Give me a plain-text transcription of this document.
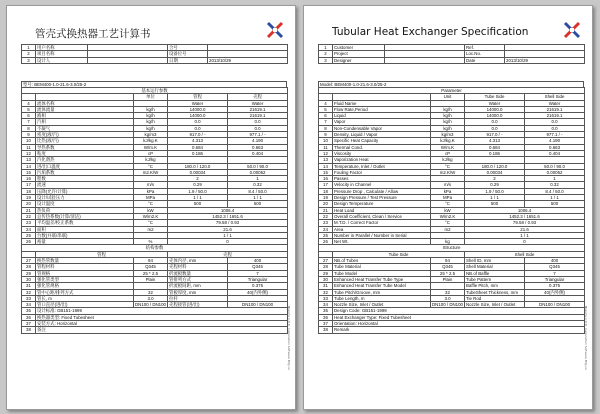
管壳式换热器工艺计算书
Ntaishy C.E.E. Calculation Software Mfg.co
1	用户名称		合号	
2	项目名称		设备位号	
3	设计人		日期	2013/10/29
型号: BEM400-1.0-21.6-3.0/25-2
基本运行参数				
		单位	管程	壳程
4	流体名称		Water	Water
5	流体流量	kg/h	14000.0	21619.1
6	液相	kg/h	14000.0	21619.1
7	汽相	kg/h	0.0	0.0
8	不凝气	kg/h	0.0	0.0
9	密度(液/汽)	kg/m3	917.0 / -	977.1 / -
10	比热(液/汽)	kJ/kg.K	4.313	4.190
11	导热系数	W/m.K	0.684	0.663
12	粘度	cP	0.186	0.404
13	汽化潜热	kJ/kg		
14	进/出口温度	°C	180.0 / 120.0	50.0 / 90.0
15	污垢系数	m2.K/W	0.00034	0.00052
16	程数		2	1
17	流速	m/s	0.29	0.32
18	压降(允许/计算)	kPa	1.9 / 50.0	8.4 / 50.0
19	设计/试验压力	MPa	1 / 1	1 / 1
20	设计温度	°C	500	500
21	热负荷	kW	1006.4	
22	总传热系数(计算/清洁)	W/m2.K	1452.3 / 1651.6	
23	平均温差/校正系数	°C	79.58 / 0.93	
24	面积	m2	21.6	
25	台数(并联/串联)		1 / 1	
26	裕量	%	0	
结构参数				
	管程		壳程	
27	换热管数量	94	壳体内径, mm	400
28	管程材料	Q345	壳程材料	Q345
29	管规格	25 * 2.5	折流板数量	7
30	强化管类型	Plain	管排列方式	Triangular
31	强化管规格		折流板间距, mm	0.375
32	管中心距/排列方式	32	管板厚度, mm	40(内外侧)
33	管长, m	3.0	拉杆	
34	管口直径(进/出)	DN100 / DN100	壳程接管(进/出)	DN100 / DN100
35	设计标准: GB151-1999			
36	换热器类型: Fixed Tubesheet			
37	安装方式: Horizontal			
38	备注			
Tubular Heat Exchanger Specification
Ntaishy C.E.E. Calculation Software Mfg.co
1	Customer		Ref.	
2	Project		Loc.No.	
3	Designer		Date	2013/10/29
Model: BEM400-1.0-21.6-3.0/25-2
Parameter				
		Unit	Tube Side	Shell Side
4	Fluid Name		Water	Water
5	Flow Rate,Period	kg/h	14000.0	21619.1
6	Liquid	kg/h	14000.0	21619.1
7	Vapor	kg/h	0.0	0.0
8	Non-Condensable Vapor	kg/h	0.0	0.0
9	Density, Liquid / Vapor	kg/m3	917.0 / -	977.1 / -
10	Specific Heat Capacity	kJ/kg.K	4.313	4.190
11	Thermal Cond.	W/m.K	0.684	0.663
12	Viscosity	cP	0.186	0.404
13	Vaporization Heat	kJ/kg		
14	Temperature, Inlet / Outlet	°C	180.0 / 120.0	50.0 / 90.0
15	Fouling Factor	m2.K/W	0.00034	0.00052
16	Passes		2	1
17	Velocity in Channel	m/s	0.29	0.32
18	Pressure Drop , Calculate / Allow	kPa	1.9 / 50.0	8.4 / 50.0
19	Design Pressure / Test Pressure	MPa	1 / 1	1 / 1
20	Design Temperature	°C	500	500
21	Heat Load	kW	1006.4	
22	Overall Coefficient, Clean / Service	W/m2.K	1452.3 / 1651.6	
23	M.T.D. / Correct Factor	°C	79.58 / 0.93	
24	Area	m2	21.6	
25	Number in Parallel / Number in Serial		1 / 1	
26	Net Wt.	kg	0	
Structure				
	Tube Side		Shell Side	
27	NB.of Tubes	94	Shell ID, mm	400
28	Tube Material	Q345	Shell Material	Q345
29	Tube Model	25 * 2.5	NB.of Baffle	7
30	Enhanced Heat Transfer Tube Type	Plain	Tube Pattern	Triangular
31	Enhanced Heat Transfer Tube Model		Baffle Pitch, mm	0.375
32	Tube Pitch/Groove, mm	32	TubeSheet Thickness, mm	40(内外侧)
33	Tube Length, m	3.0	Tie Rod	
34	Nozzle Size, Inlet / Outlet	DN100 / DN100	Nozzle Size, Inlet / Outlet	DN100 / DN100
35	Design Code: GB151-1999			
36	Heat Exchanger Type: Fixed Tubesheet			
37	Orientation: Horizontal			
38	Remark			
